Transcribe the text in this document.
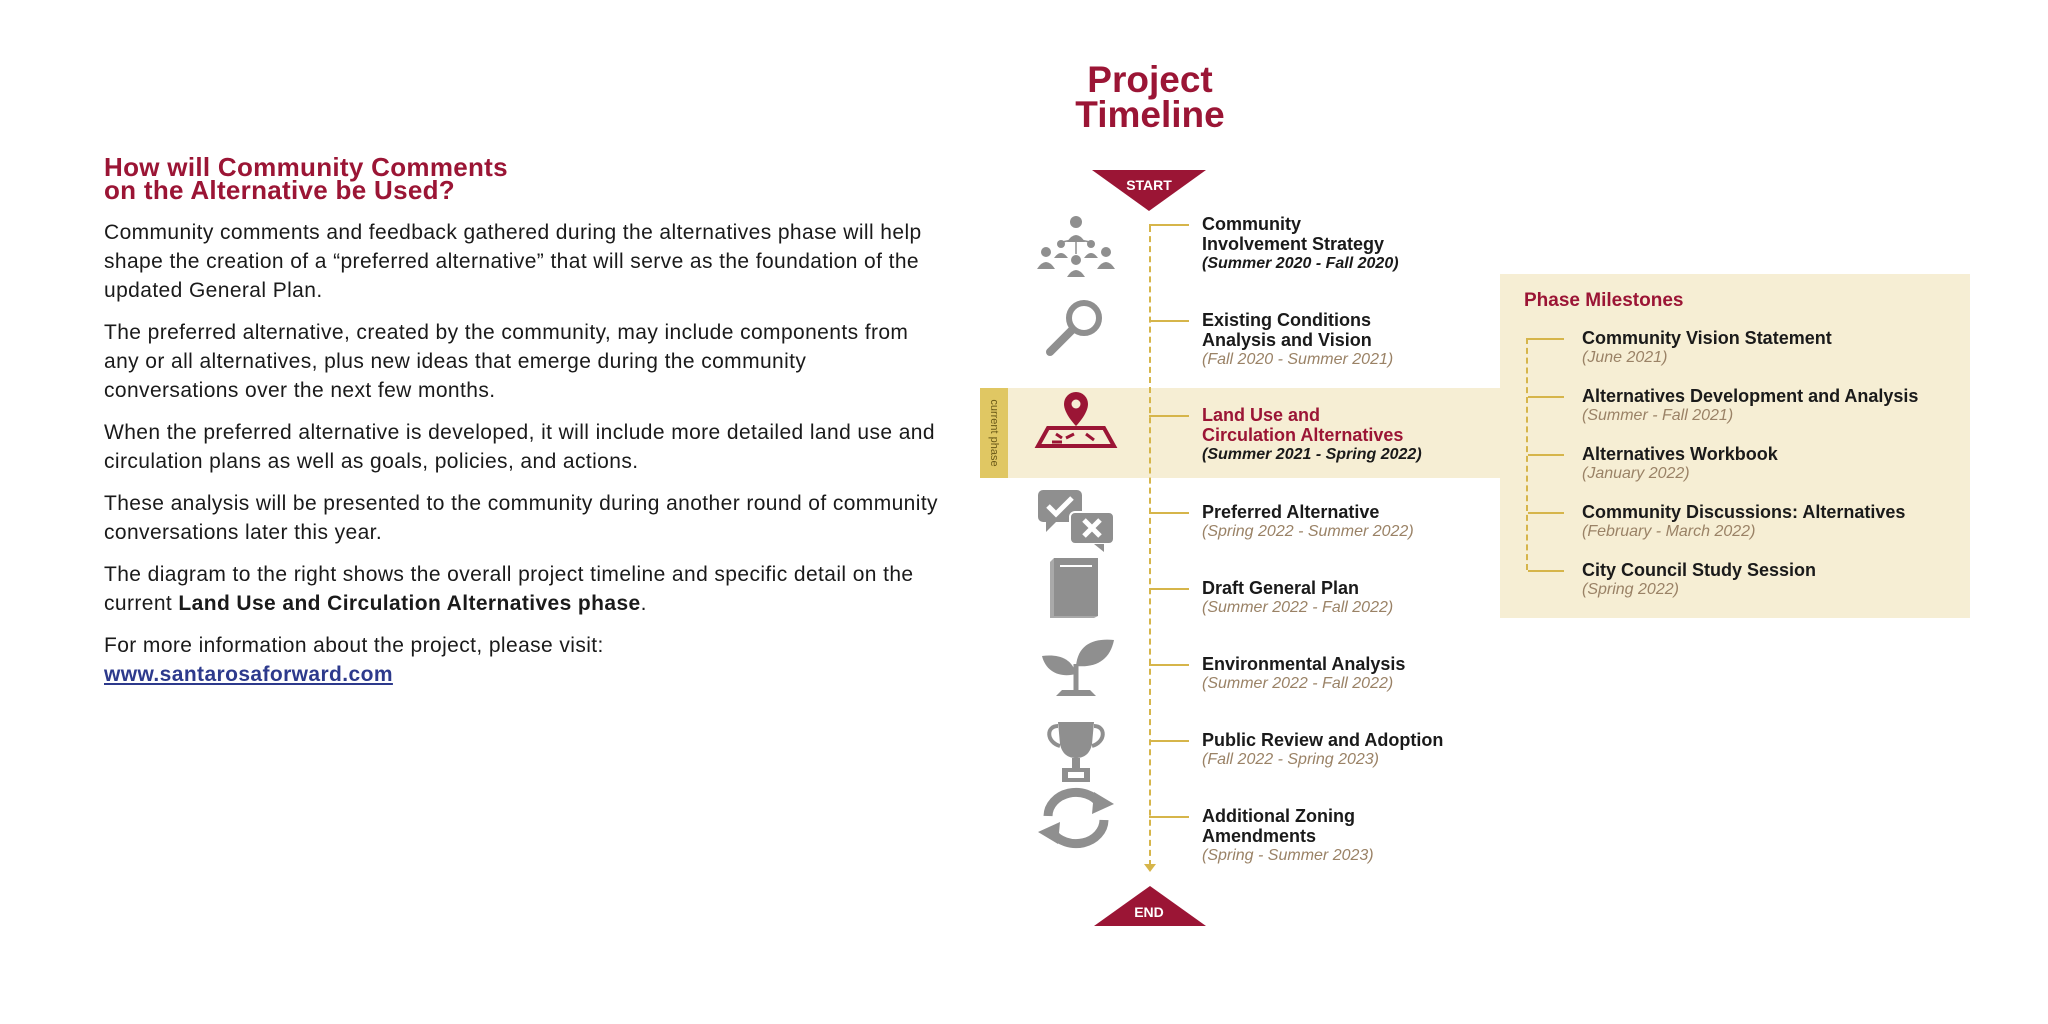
How will Community Comments
on the Alternative be Used?

Community comments and feedback gathered during the alternatives phase will help shape the creation of a “preferred alternative” that will serve as the foundation of the updated General Plan.

The preferred alternative, created by the community, may include components from any or all alternatives, plus new ideas that emerge during the community conversations over the next few months.

When the preferred alternative is developed, it will include more detailed land use and circulation plans as well as goals, policies, and actions.

These analysis will be presented to the community during another round of community conversations later this year.

The diagram to the right shows the overall project timeline and specific detail on the current Land Use and Circulation Alternatives phase.

For more information about the project, please visit:
www.santarosaforward.com

Project
Timeline
START
current phase
Community
Involvement Strategy
(Summer 2020 - Fall 2020)
Existing Conditions
Analysis and Vision
(Fall 2020 - Summer 2021)
Land Use and
Circulation Alternatives
(Summer 2021 - Spring 2022)
Preferred Alternative
(Spring 2022 - Summer 2022)
Draft General Plan
(Summer 2022 - Fall 2022)
Environmental Analysis
(Summer 2022 - Fall 2022)
Public Review and Adoption
(Fall 2022 - Spring 2023)
Additional Zoning
Amendments
(Spring - Summer 2023)
END
Phase Milestones
Community Vision Statement
(June 2021)
Alternatives Development and Analysis
(Summer - Fall 2021)
Alternatives Workbook
(January 2022)
Community Discussions: Alternatives
(February - March 2022)
City Council Study Session
(Spring 2022)
